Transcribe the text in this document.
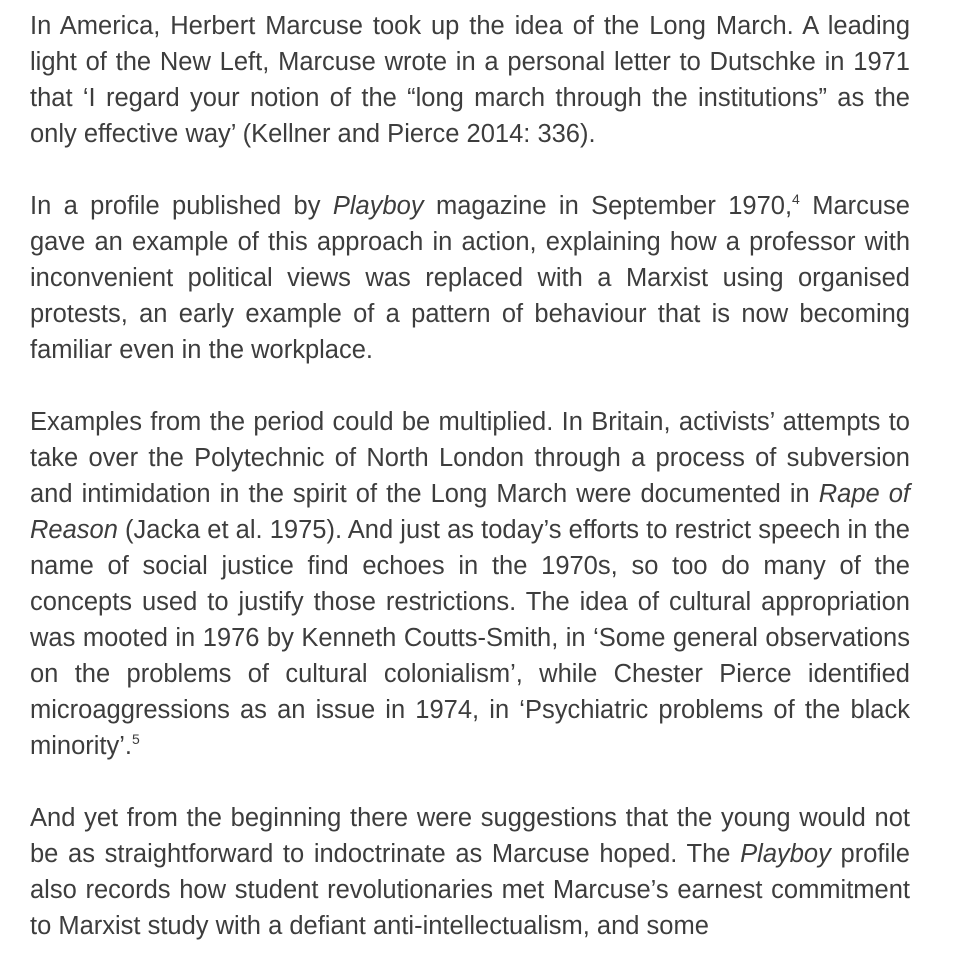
In America, Herbert Marcuse took up the idea of the Long March. A leading light of the New Left, Marcuse wrote in a personal letter to Dutschke in 1971 that ‘I regard your notion of the “long march through the institutions” as the only effective way’ (Kellner and Pierce 2014: 336).

In a profile published by Playboy magazine in September 1970,$^4$ Marcuse gave an example of this approach in action, explaining how a professor with inconvenient political views was replaced with a Marxist using organised protests, an early example of a pattern of behaviour that is now becoming familiar even in the workplace.

Examples from the period could be multiplied. In Britain, activists’ attempts to take over the Polytechnic of North London through a process of subversion and intimidation in the spirit of the Long March were documented in Rape of Reason (Jacka et al. 1975). And just as today’s efforts to restrict speech in the name of social justice find echoes in the 1970s, so too do many of the concepts used to justify those restrictions. The idea of cultural appropriation was mooted in 1976 by Kenneth Coutts-Smith, in ‘Some general observations on the problems of cultural colonialism’, while Chester Pierce identified microaggressions as an issue in 1974, in ‘Psychiatric problems of the black minority’.$^5$

And yet from the beginning there were suggestions that the young would not be as straightforward to indoctrinate as Marcuse hoped. The Playboy profile also records how student revolutionaries met Marcuse’s earnest commitment to Marxist study with a defiant anti-intellectualism, and some
